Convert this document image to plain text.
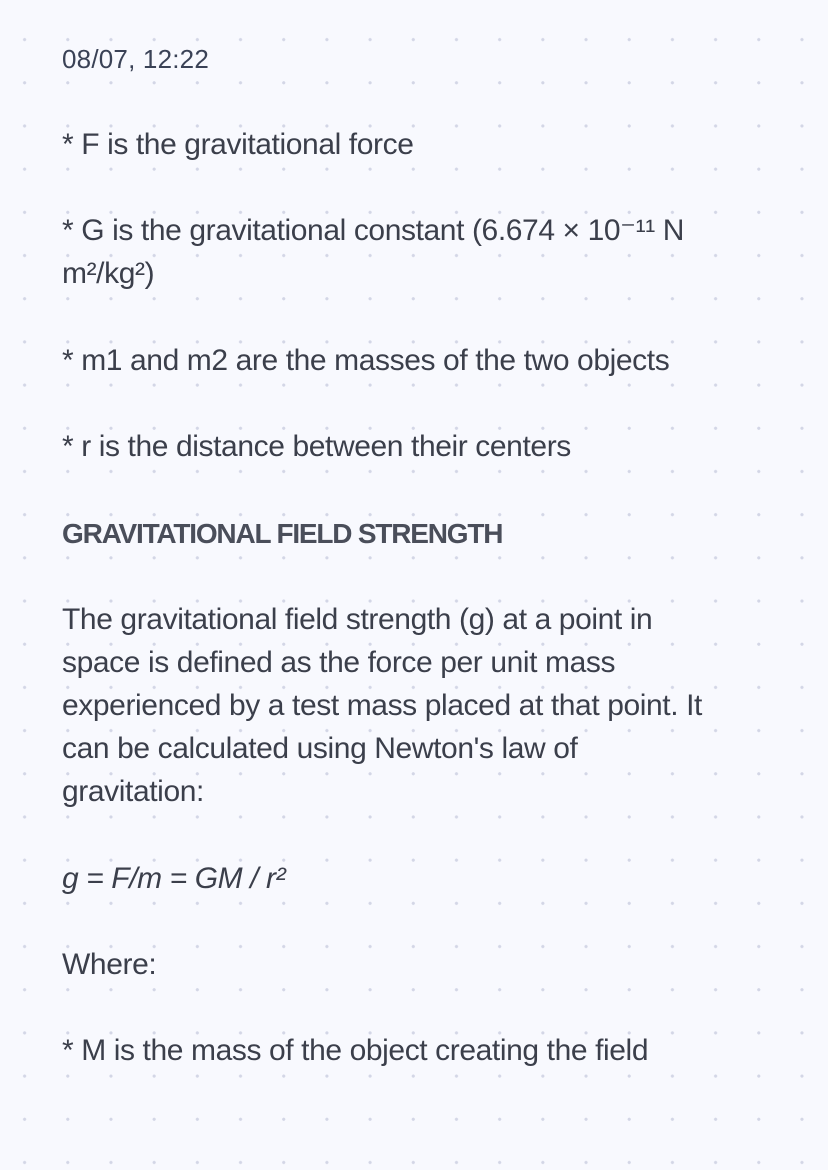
08/07, 12:22
* F is the gravitational force
* G is the gravitational constant (6.674 × 10⁻¹¹ N
m²/kg²)
* m1 and m2 are the masses of the two objects
* r is the distance between their centers
GRAVITATIONAL FIELD STRENGTH
The gravitational field strength (g) at a point in
space is defined as the force per unit mass
experienced by a test mass placed at that point. It
can be calculated using Newton's law of
gravitation:
g = F/m = GM / r²
Where:
* M is the mass of the object creating the field
